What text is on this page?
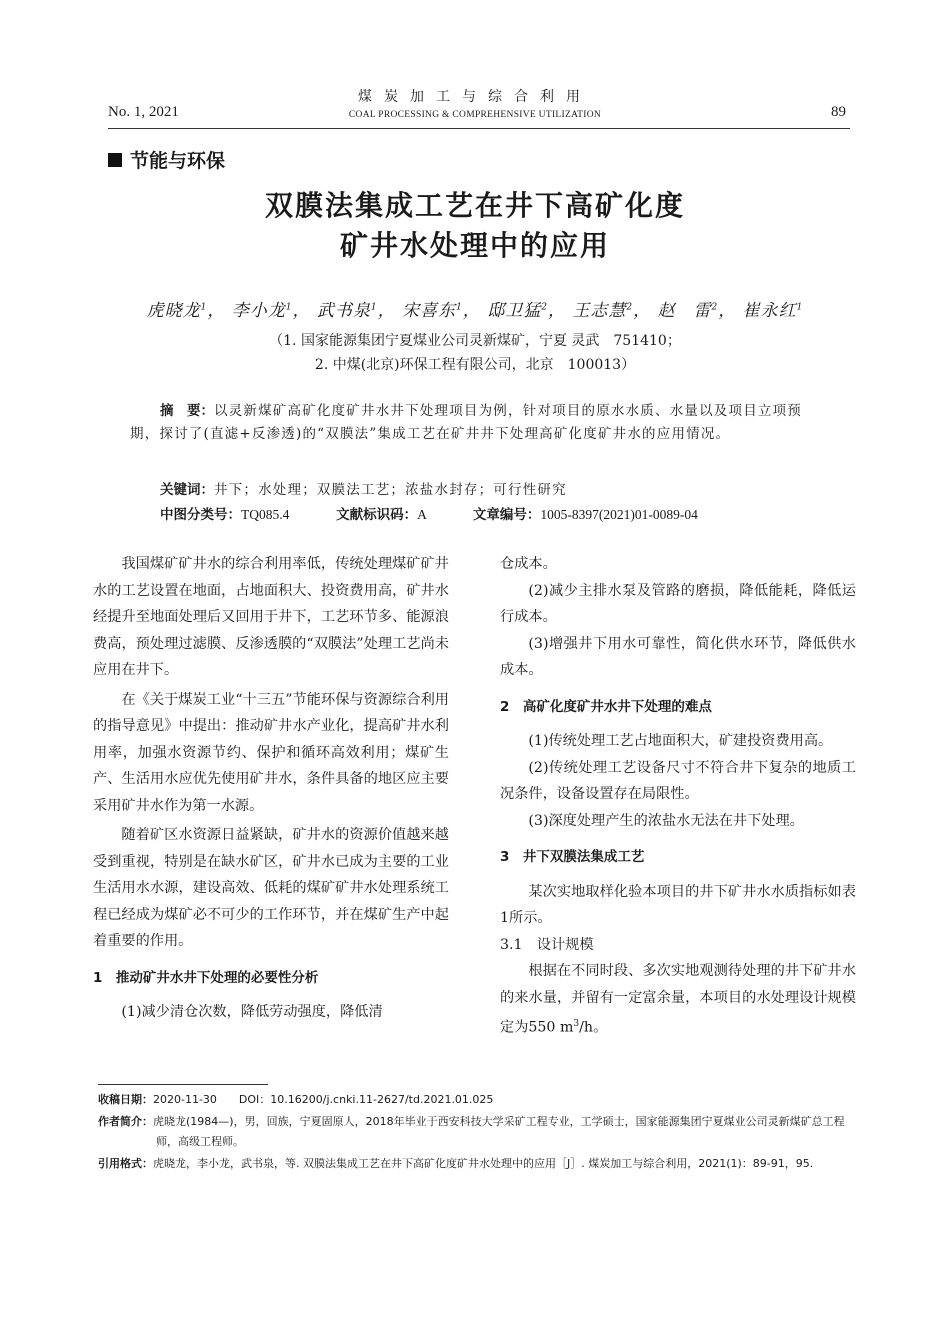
No. 1, 2021
煤炭加工与综合利用
COAL PROCESSING & COMPREHENSIVE UTILIZATION	89
节能与环保
双膜法集成工艺在井下高矿化度
矿井水处理中的应用
虎晓龙$^1$， 李小龙$^1$， 武书泉$^1$， 宋喜东$^1$， 邸卫猛$^2$， 王志慧$^2$， 赵　雷$^2$， 崔永红$^1$
（1. 国家能源集团宁夏煤业公司灵新煤矿，宁夏 灵武　751410；
2. 中煤(北京)环保工程有限公司，北京　100013）
摘　要：以灵新煤矿高矿化度矿井水井下处理项目为例，针对项目的原水水质、水量以及项目立项预期，探讨了(直滤+反渗透)的“双膜法”集成工艺在矿井井下处理高矿化度矿井水的应用情况。
关键词：井下；水处理；双膜法工艺；浓盐水封存；可行性研究
中图分类号：TQ085.4	文献标识码：A	文章编号：1005-8397(2021)01-0089-04

我国煤矿矿井水的综合利用率低，传统处理煤矿矿井水的工艺设置在地面，占地面积大、投资费用高，矿井水经提升至地面处理后又回用于井下，工艺环节多、能源浪费高，预处理过滤膜、反渗透膜的“双膜法”处理工艺尚未应用在井下。

在《关于煤炭工业“十三五”节能环保与资源综合利用的指导意见》中提出：推动矿井水产业化，提高矿井水利用率，加强水资源节约、保护和循环高效利用；煤矿生产、生活用水应优先使用矿井水，条件具备的地区应主要采用矿井水作为第一水源。

随着矿区水资源日益紧缺，矿井水的资源价值越来越受到重视，特别是在缺水矿区，矿井水已成为主要的工业生活用水水源，建设高效、低耗的煤矿矿井水处理系统工程已经成为煤矿必不可少的工作环节，并在煤矿生产中起着重要的作用。

1　推动矿井水井下处理的必要性分析

(1)减少清仓次数，降低劳动强度，降低清

仓成本。

(2)减少主排水泵及管路的磨损，降低能耗，降低运行成本。

(3)增强井下用水可靠性，简化供水环节，降低供水成本。

2　高矿化度矿井水井下处理的难点

(1)传统处理工艺占地面积大，矿建投资费用高。

(2)传统处理工艺设备尺寸不符合井下复杂的地质工况条件，设备设置存在局限性。

(3)深度处理产生的浓盐水无法在井下处理。

3　井下双膜法集成工艺

某次实地取样化验本项目的井下矿井水水质指标如表1所示。

3.1　设计规模

根据在不同时段、多次实地观测待处理的井下矿井水的来水量，并留有一定富余量，本项目的水处理设计规模定为550 $m^3/h$。

收稿日期：2020-11-30　　DOI：10.16200/j.cnki.11-2627/td.2021.01.025
作者简介：虎晓龙(1984—)，男，回族，宁夏固原人，2018年毕业于西安科技大学采矿工程专业，工学硕士，国家能源集团宁夏煤业公司灵新煤矿总工程师，高级工程师。
引用格式：虎晓龙，李小龙，武书泉，等. 双膜法集成工艺在井下高矿化度矿井水处理中的应用［J］. 煤炭加工与综合利用，2021(1)：89-91，95.
